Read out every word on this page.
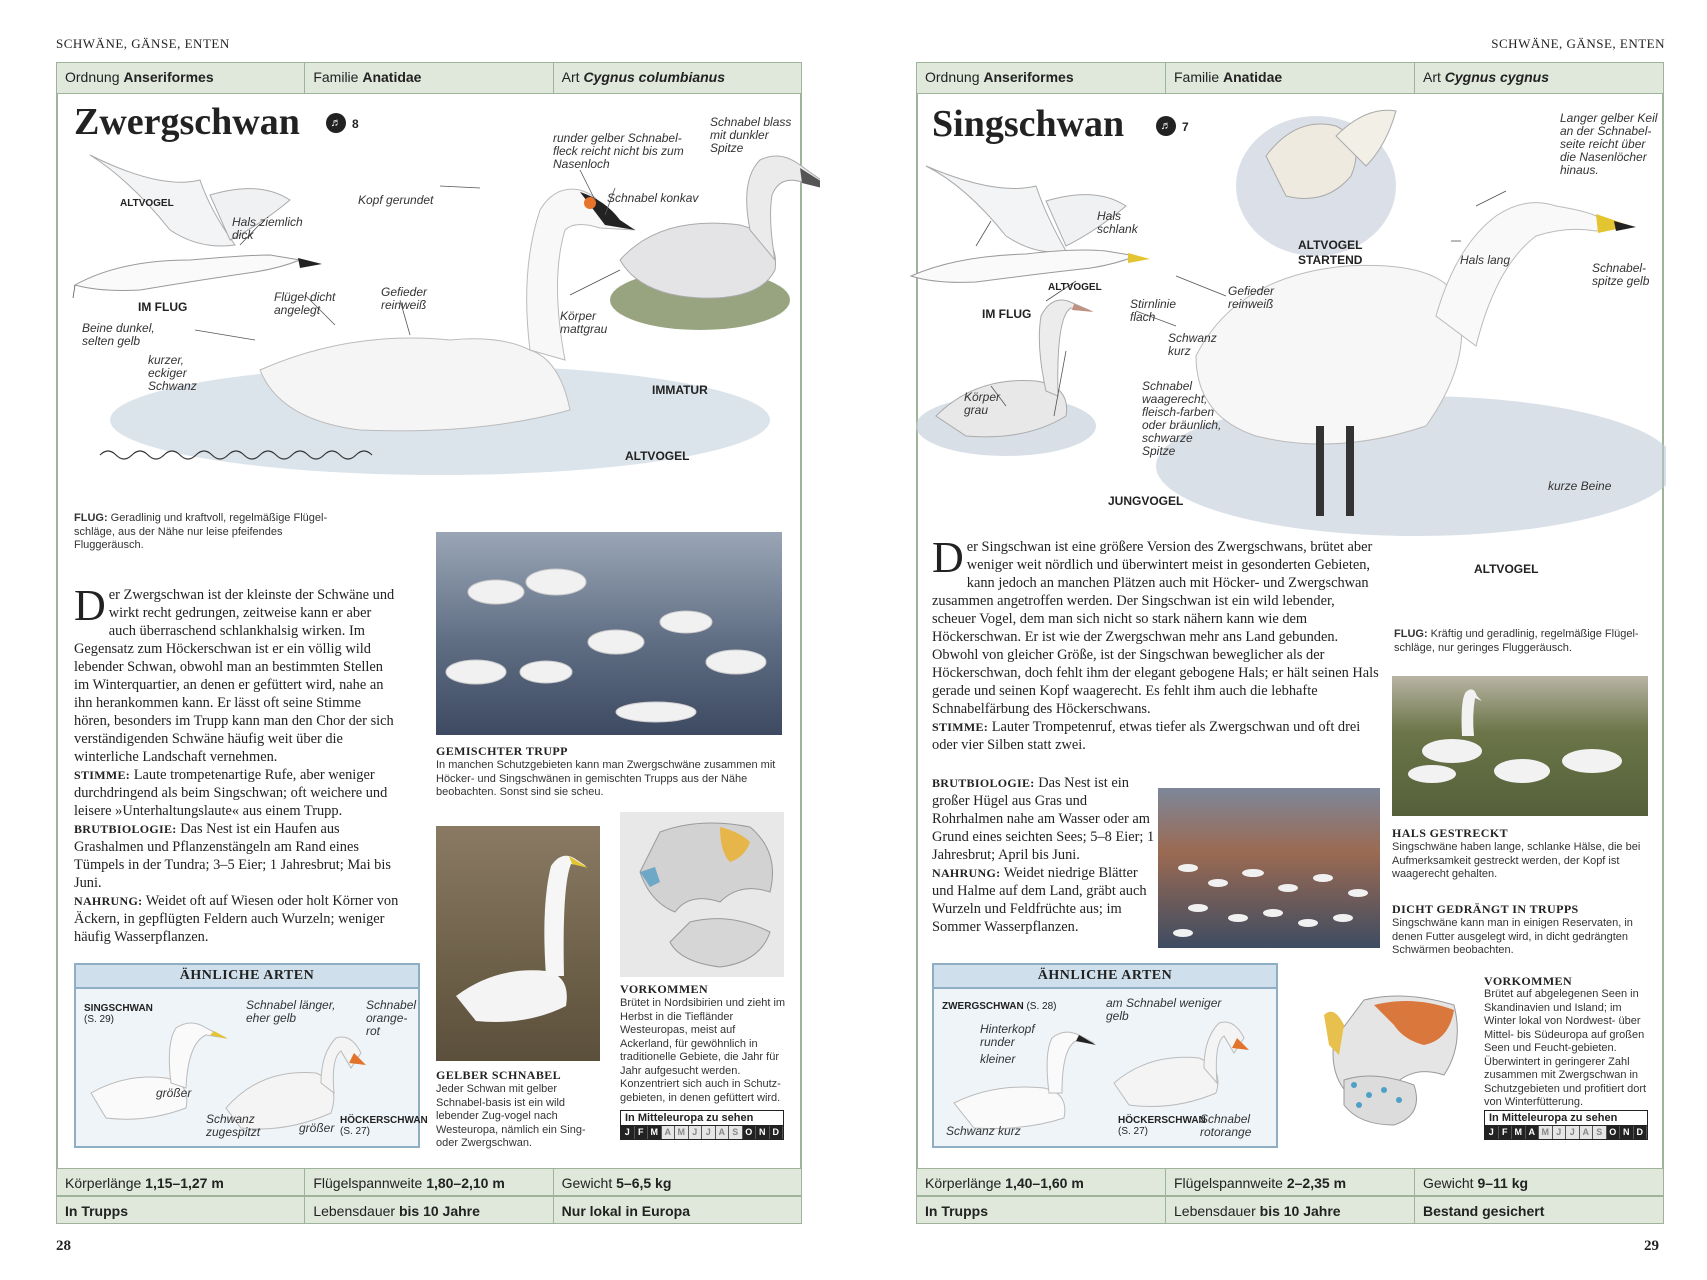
SCHWÄNE, GÄNSE, ENTEN
Ordnung Anseriformes	Familie Anatidae	Art Cygnus columbianus
Zwergschwan	♬ 8
ALTVOGEL
Hals ziemlich dick
IM FLUG
Beine dunkel, selten gelb
Kopf gerundet
runder gelber Schnabel-fleck reicht nicht bis zum Nasenloch
Schnabel blass mit dunkler Spitze
Schnabel konkav
Flügel dicht angelegt
Gefieder reinweiß
Körper mattgrau
kurzer, eckiger Schwanz	IMMATUR
ALTVOGEL
FLUG: Geradlinig und kraftvoll, regelmäßige Flügel-schläge, aus der Nähe nur leise pfeifendes Fluggeräusch.
D er Zwergschwan ist der kleinste der Schwäne und wirkt recht gedrungen, zeitweise kann er aber auch überraschend schlankhalsig wirken. Im Gegensatz zum Höckerschwan ist er ein völlig wild lebender Schwan, obwohl man an bestimmten Stellen im Winterquartier, an denen er gefüttert wird, nahe an ihn herankommen kann. Er lässt oft seine Stimme hören, besonders im Trupp kann man den Chor der sich verständigenden Schwäne häufig weit über die winterliche Landschaft vernehmen.
STIMME: Laute trompetenartige Rufe, aber weniger durchdringend als beim Singschwan; oft weichere und leisere »Unterhaltungslaute« aus einem Trupp.
BRUTBIOLOGIE: Das Nest ist ein Haufen aus Grashalmen und Pflanzenstängeln am Rand eines Tümpels in der Tundra; 3–5 Eier; 1 Jahresbrut; Mai bis Juni.
NAHRUNG: Weidet oft auf Wiesen oder holt Körner von Äckern, in gepflügten Feldern auch Wurzeln; weniger häufig Wasserpflanzen.
GEMISCHTER TRUPP
In manchen Schutzgebieten kann man Zwergschwäne zusammen mit Höcker- und Singschwänen in gemischten Trupps aus der Nähe beobachten. Sonst sind sie scheu.
GELBER SCHNABEL
Jeder Schwan mit gelber Schnabel-basis ist ein wild lebender Zug-vogel nach Westeuropa, nämlich ein Sing- oder Zwergschwan.
VORKOMMEN
Brütet in Nordsibirien und zieht im Herbst in die Tiefländer Westeuropas, meist auf Ackerland, für gewöhnlich in traditionelle Gebiete, die Jahr für Jahr aufgesucht werden. Konzentriert sich auch in Schutz-gebieten, in denen gefüttert wird.
In Mitteleuropa zu sehen
J F M A M J J A S O N D
ÄHNLICHE ARTEN
SINGSCHWAN
(S. 29)
Schnabel länger, eher gelb
Schnabel orange-rot
größer
Schwanz zugespitzt	größer
HÖCKERSCHWAN
(S. 27)
Körperlänge 1,15–1,27 m	Flügelspannweite 1,80–2,10 m	Gewicht 5–6,5 kg
In Trupps	Lebensdauer bis 10 Jahre	Nur lokal in Europa
28
SCHWÄNE, GÄNSE, ENTEN
Ordnung Anseriformes	Familie Anatidae	Art Cygnus cygnus
Singschwan	♬ 7
Hals schlank
ALTVOGEL
IM FLUG
ALTVOGEL STARTEND
Langer gelber Keil an der Schnabel-seite reicht über die Nasenlöcher hinaus.
Hals lang
Schnabel-spitze gelb
Stirnlinie flach
Gefieder reinweiß
Schwanz kurz
Körper grau
Schnabel waagerecht, fleisch-farben oder bräunlich, schwarze Spitze
JUNGVOGEL
kurze Beine
ALTVOGEL
FLUG: Kräftig und geradlinig, regelmäßige Flügel-schläge, nur geringes Fluggeräusch.
D er Singschwan ist eine größere Version des Zwergschwans, brütet aber weniger weit nördlich und überwintert meist in gesonderten Gebieten, kann jedoch an manchen Plätzen auch mit Höcker- und Zwergschwan zusammen angetroffen werden. Der Singschwan ist ein wild lebender, scheuer Vogel, dem man sich nicht so stark nähern kann wie dem Höckerschwan. Er ist wie der Zwergschwan mehr ans Land gebunden. Obwohl von gleicher Größe, ist der Singschwan beweglicher als der Höckerschwan, doch fehlt ihm der elegant gebogene Hals; er hält seinen Hals gerade und seinen Kopf waagerecht. Es fehlt ihm auch die lebhafte Schnabelfärbung des Höckerschwans.
STIMME: Lauter Trompetenruf, etwas tiefer als Zwergschwan und oft drei oder vier Silben statt zwei.
BRUTBIOLOGIE: Das Nest ist ein großer Hügel aus Gras und Rohrhalmen nahe am Wasser oder am Grund eines seichten Sees; 5–8 Eier; 1 Jahresbrut; April bis Juni.
NAHRUNG: Weidet niedrige Blätter und Halme auf dem Land, gräbt auch Wurzeln und Feldfrüchte aus; im Sommer Wasserpflanzen.
HALS GESTRECKT
Singschwäne haben lange, schlanke Hälse, die bei Aufmerksamkeit gestreckt werden, der Kopf ist waagerecht gehalten.
DICHT GEDRÄNGT IN TRUPPS
Singschwäne kann man in einigen Reservaten, in denen Futter ausgelegt wird, in dicht gedrängten Schwärmen beobachten.
VORKOMMEN
Brütet auf abgelegenen Seen in Skandinavien und Island; im Winter lokal von Nordwest- über Mittel- bis Südeuropa auf großen Seen und Feucht-gebieten. Überwintert in geringerer Zahl zusammen mit Zwergschwan in Schutzgebieten und profitiert dort von Winterfütterung.
In Mitteleuropa zu sehen
J F M A M J J A S O N D
ÄHNLICHE ARTEN
ZWERGSCHWAN (S. 28)	am Schnabel weniger gelb
Hinterkopf runder
kleiner
Schwanz kurz
HÖCKERSCHWAN
(S. 27)
Schnabel rotorange
Körperlänge 1,40–1,60 m	Flügelspannweite 2–2,35 m	Gewicht 9–11 kg
In Trupps	Lebensdauer bis 10 Jahre	Bestand gesichert
29
